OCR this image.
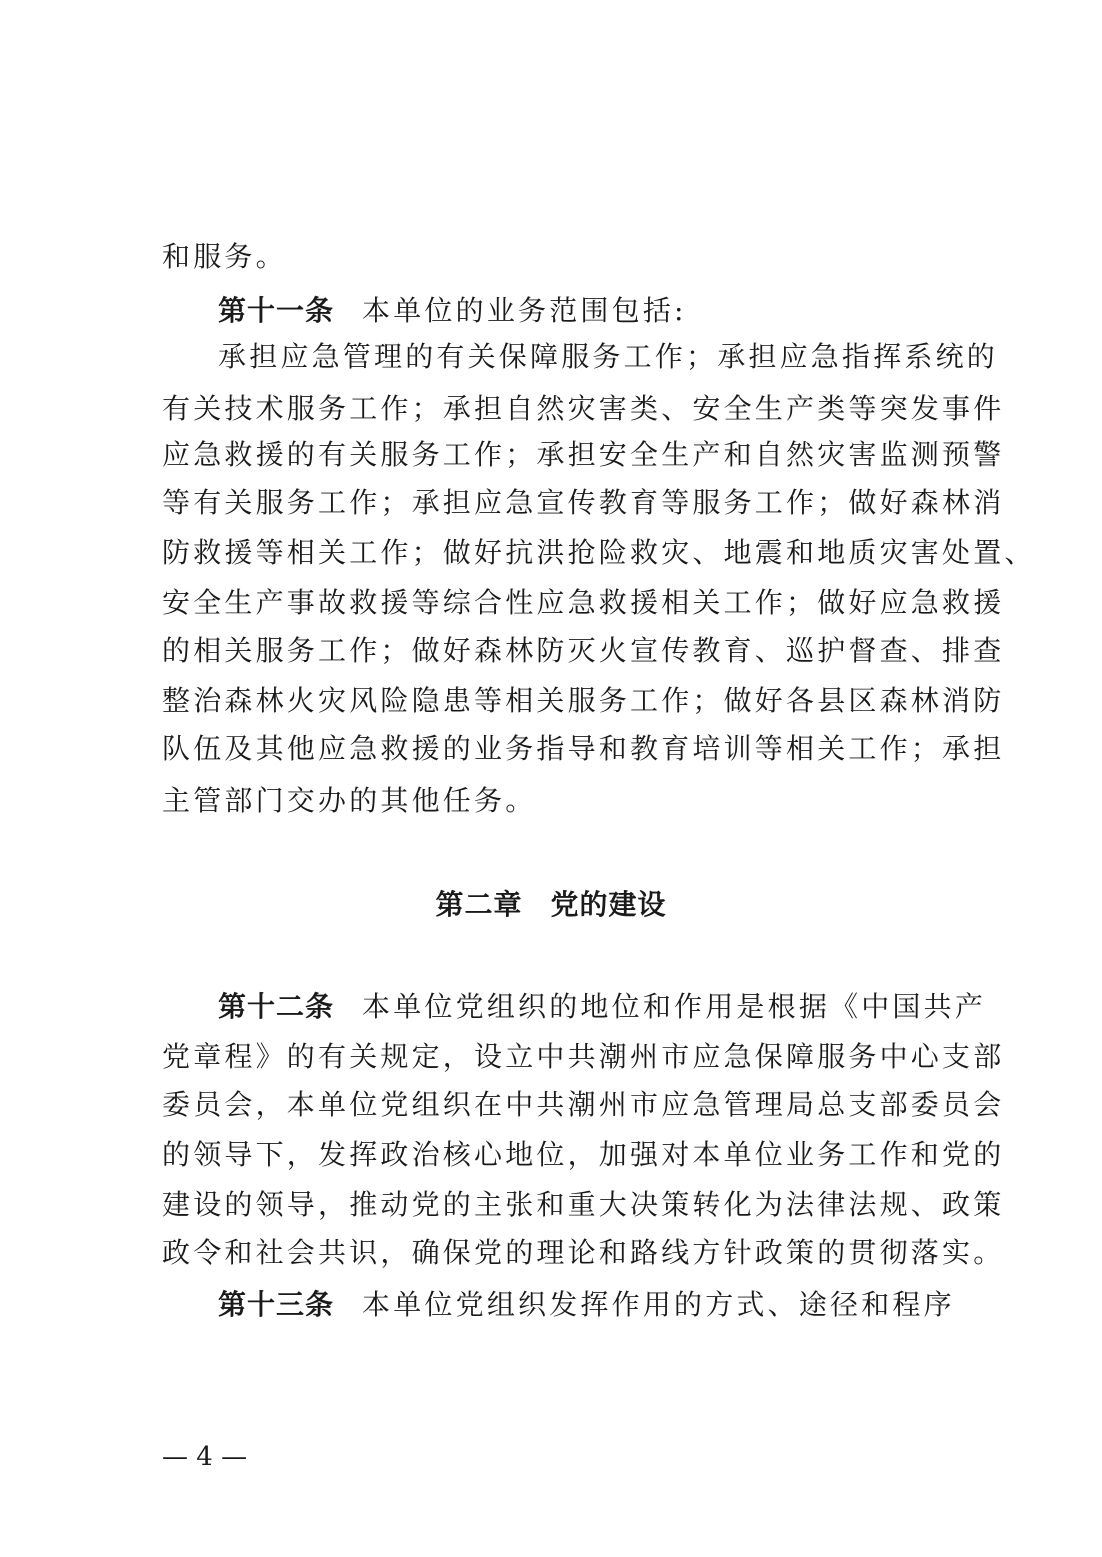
和服务。
第十一条 本单位的业务范围包括:
承担应急管理的有关保障服务工作；承担应急指挥系统的
有关技术服务工作；承担自然灾害类、安全生产类等突发事件
应急救援的有关服务工作；承担安全生产和自然灾害监测预警
等有关服务工作；承担应急宣传教育等服务工作；做好森林消
防救援等相关工作；做好抗洪抢险救灾、地震和地质灾害处置、
安全生产事故救援等综合性应急救援相关工作；做好应急救援
的相关服务工作；做好森林防灭火宣传教育、巡护督查、排查
整治森林火灾风险隐患等相关服务工作；做好各县区森林消防
队伍及其他应急救援的业务指导和教育培训等相关工作；承担
主管部门交办的其他任务。
第二章 党的建设
第十二条 本单位党组织的地位和作用是根据《中国共产
党章程》的有关规定，设立中共潮州市应急保障服务中心支部
委员会，本单位党组织在中共潮州市应急管理局总支部委员会
的领导下，发挥政治核心地位，加强对本单位业务工作和党的
建设的领导，推动党的主张和重大决策转化为法律法规、政策
政令和社会共识，确保党的理论和路线方针政策的贯彻落实。
第十三条 本单位党组织发挥作用的方式、途径和程序
— 4 —
